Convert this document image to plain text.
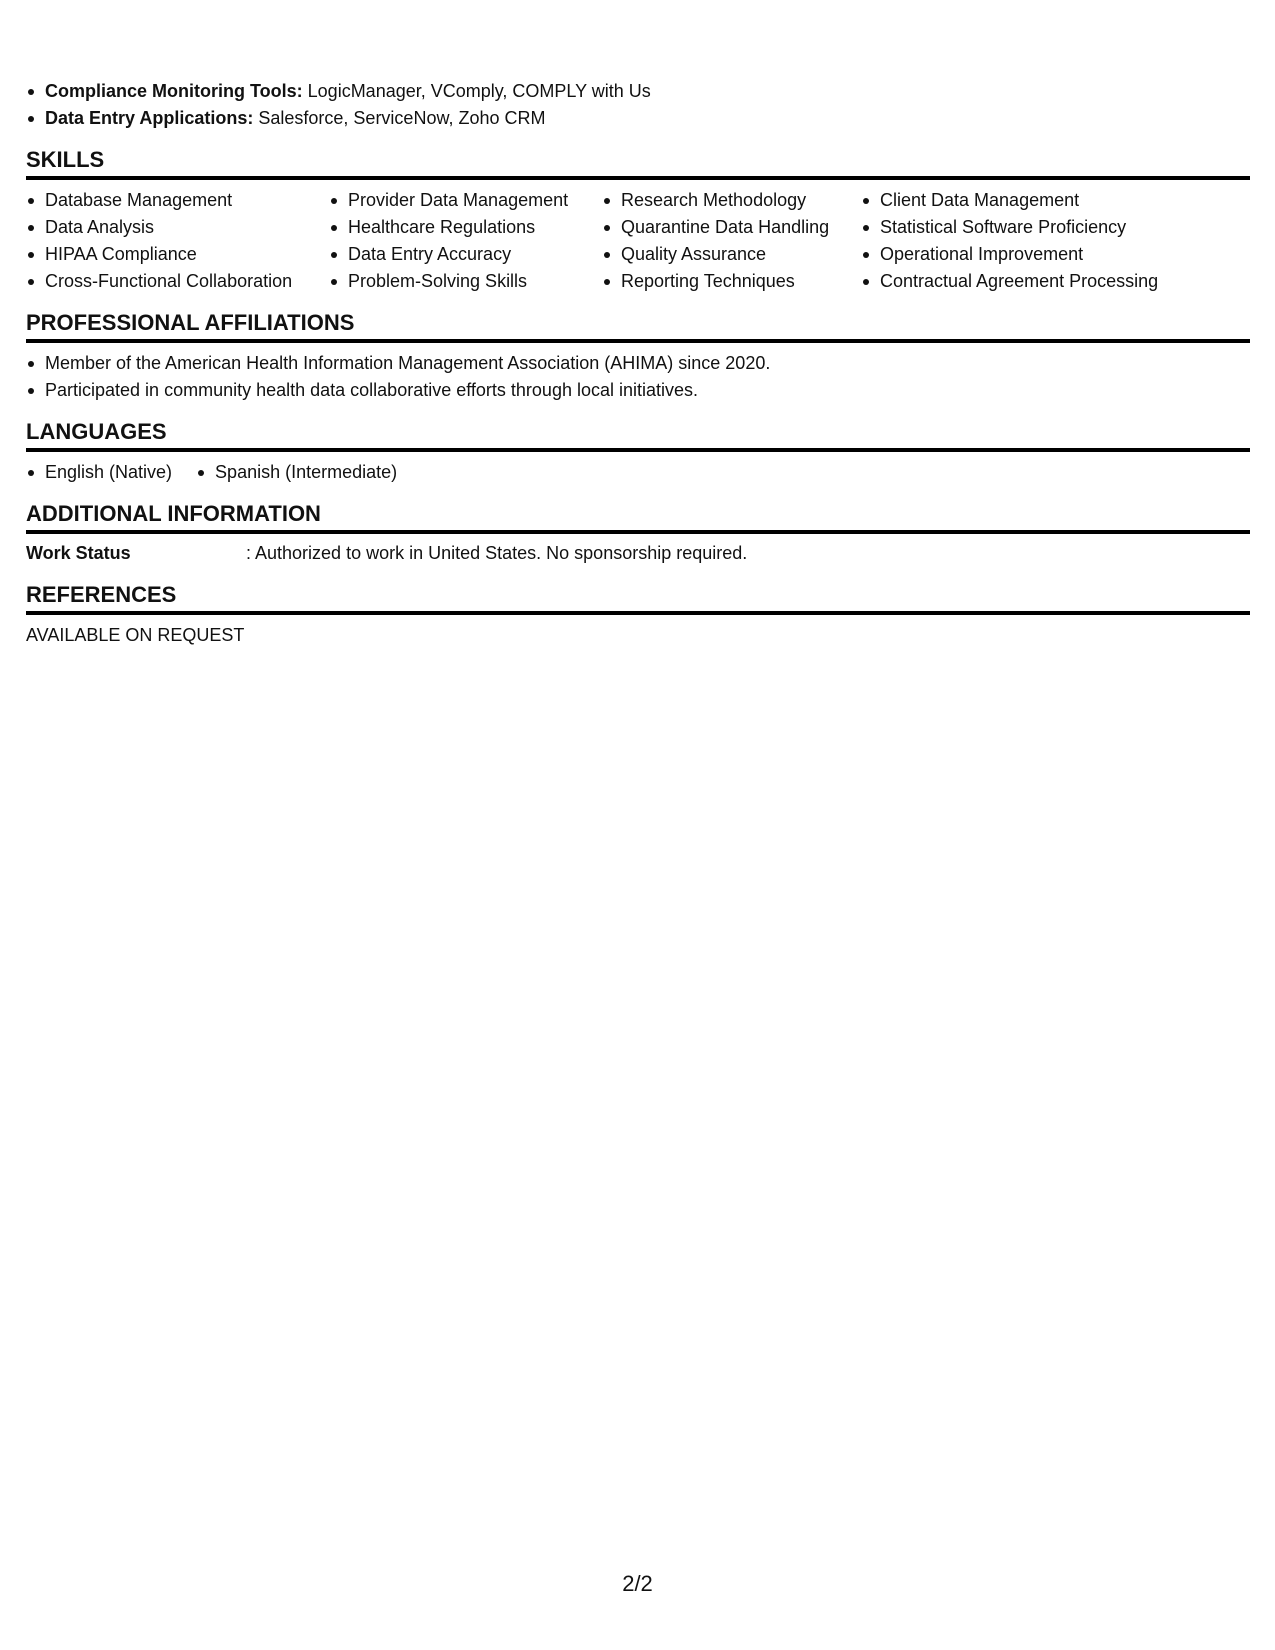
Compliance Monitoring Tools: LogicManager, VComply, COMPLY with Us
Data Entry Applications: Salesforce, ServiceNow, Zoho CRM
SKILLS
Database Management
Data Analysis
HIPAA Compliance
Cross-Functional Collaboration
Provider Data Management
Healthcare Regulations
Data Entry Accuracy
Problem-Solving Skills
Research Methodology
Quarantine Data Handling
Quality Assurance
Reporting Techniques
Client Data Management
Statistical Software Proficiency
Operational Improvement
Contractual Agreement Processing
PROFESSIONAL AFFILIATIONS
Member of the American Health Information Management Association (AHIMA) since 2020.
Participated in community health data collaborative efforts through local initiatives.
LANGUAGES
English (Native)	Spanish (Intermediate)
ADDITIONAL INFORMATION
Work Status	: Authorized to work in United States. No sponsorship required.
REFERENCES
AVAILABLE ON REQUEST
2/2
